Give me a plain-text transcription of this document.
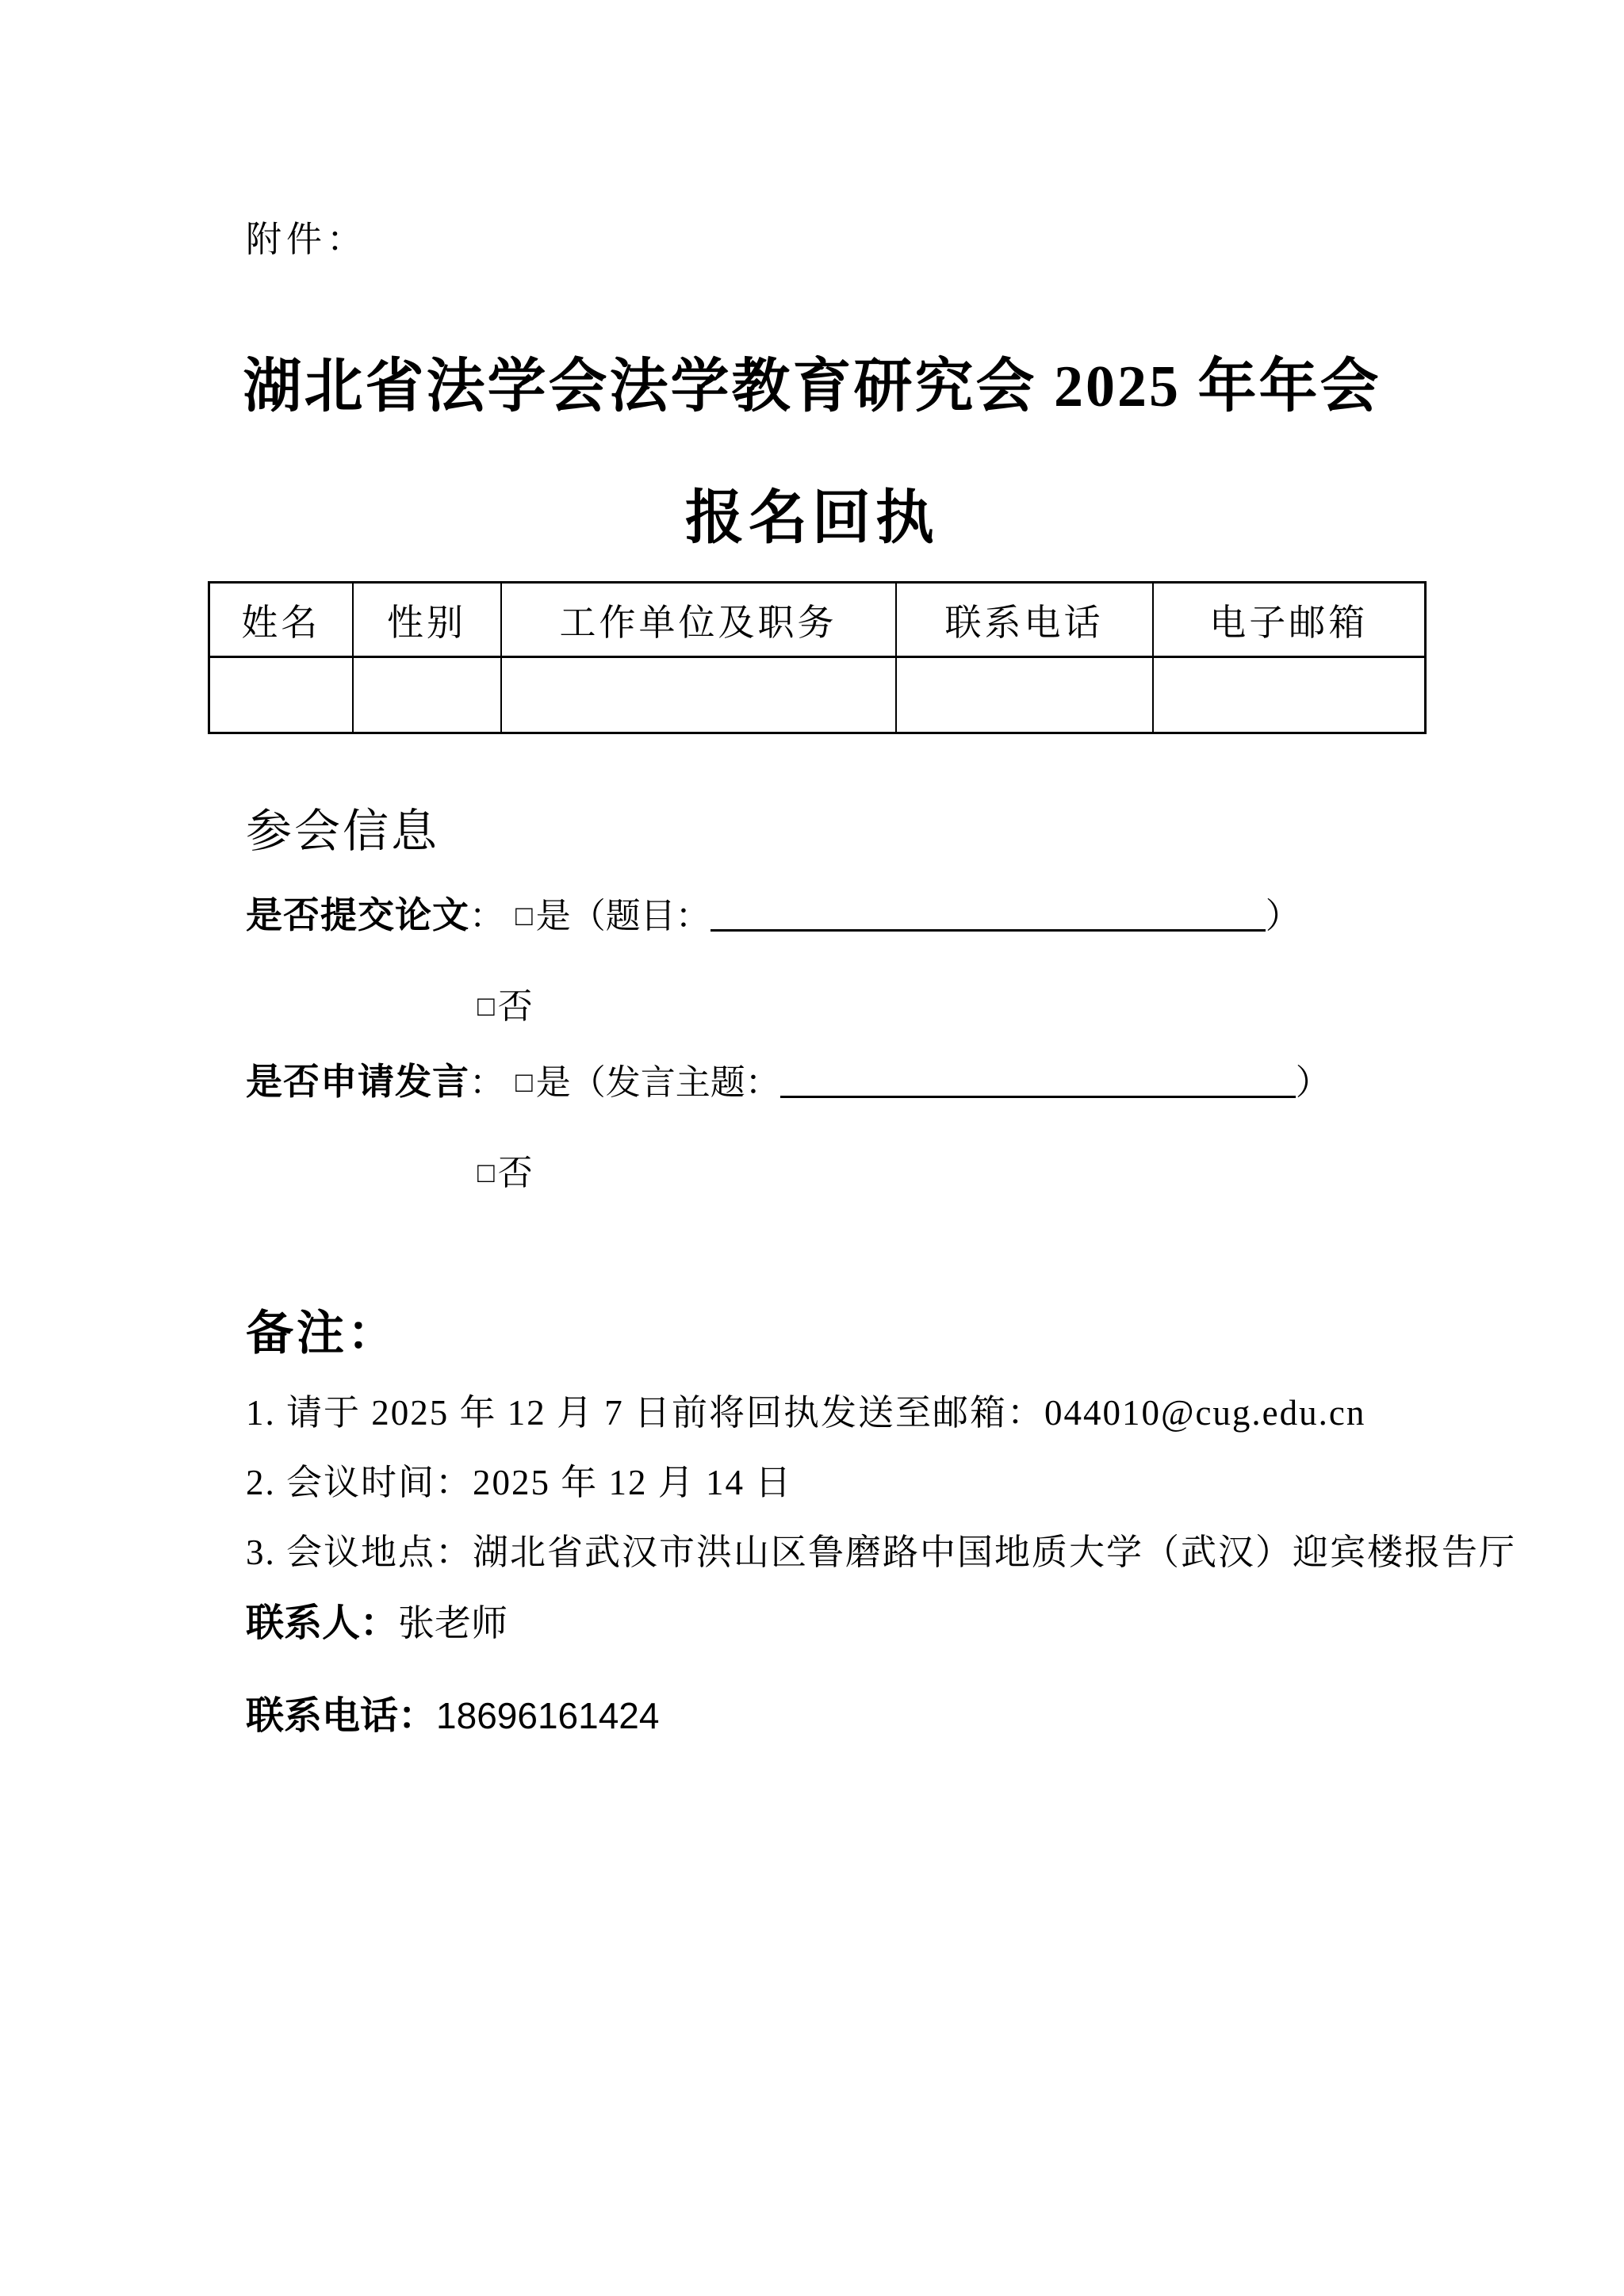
附件：
湖北省法学会法学教育研究会 2025 年年会
报名回执
姓名	性别	工作单位及职务	联系电话	电子邮箱

参会信息
是否提交论文： □是（题目：	）
□否
是否申请发言： □是（发言主题：	）
□否
备注：
1. 请于 2025 年 12 月 7 日前将回执发送至邮箱：044010@cug.edu.cn
2. 会议时间：2025 年 12 月 14 日
3. 会议地点：湖北省武汉市洪山区鲁磨路中国地质大学（武汉）迎宾楼报告厅
联系人：张老师
联系电话：18696161424
